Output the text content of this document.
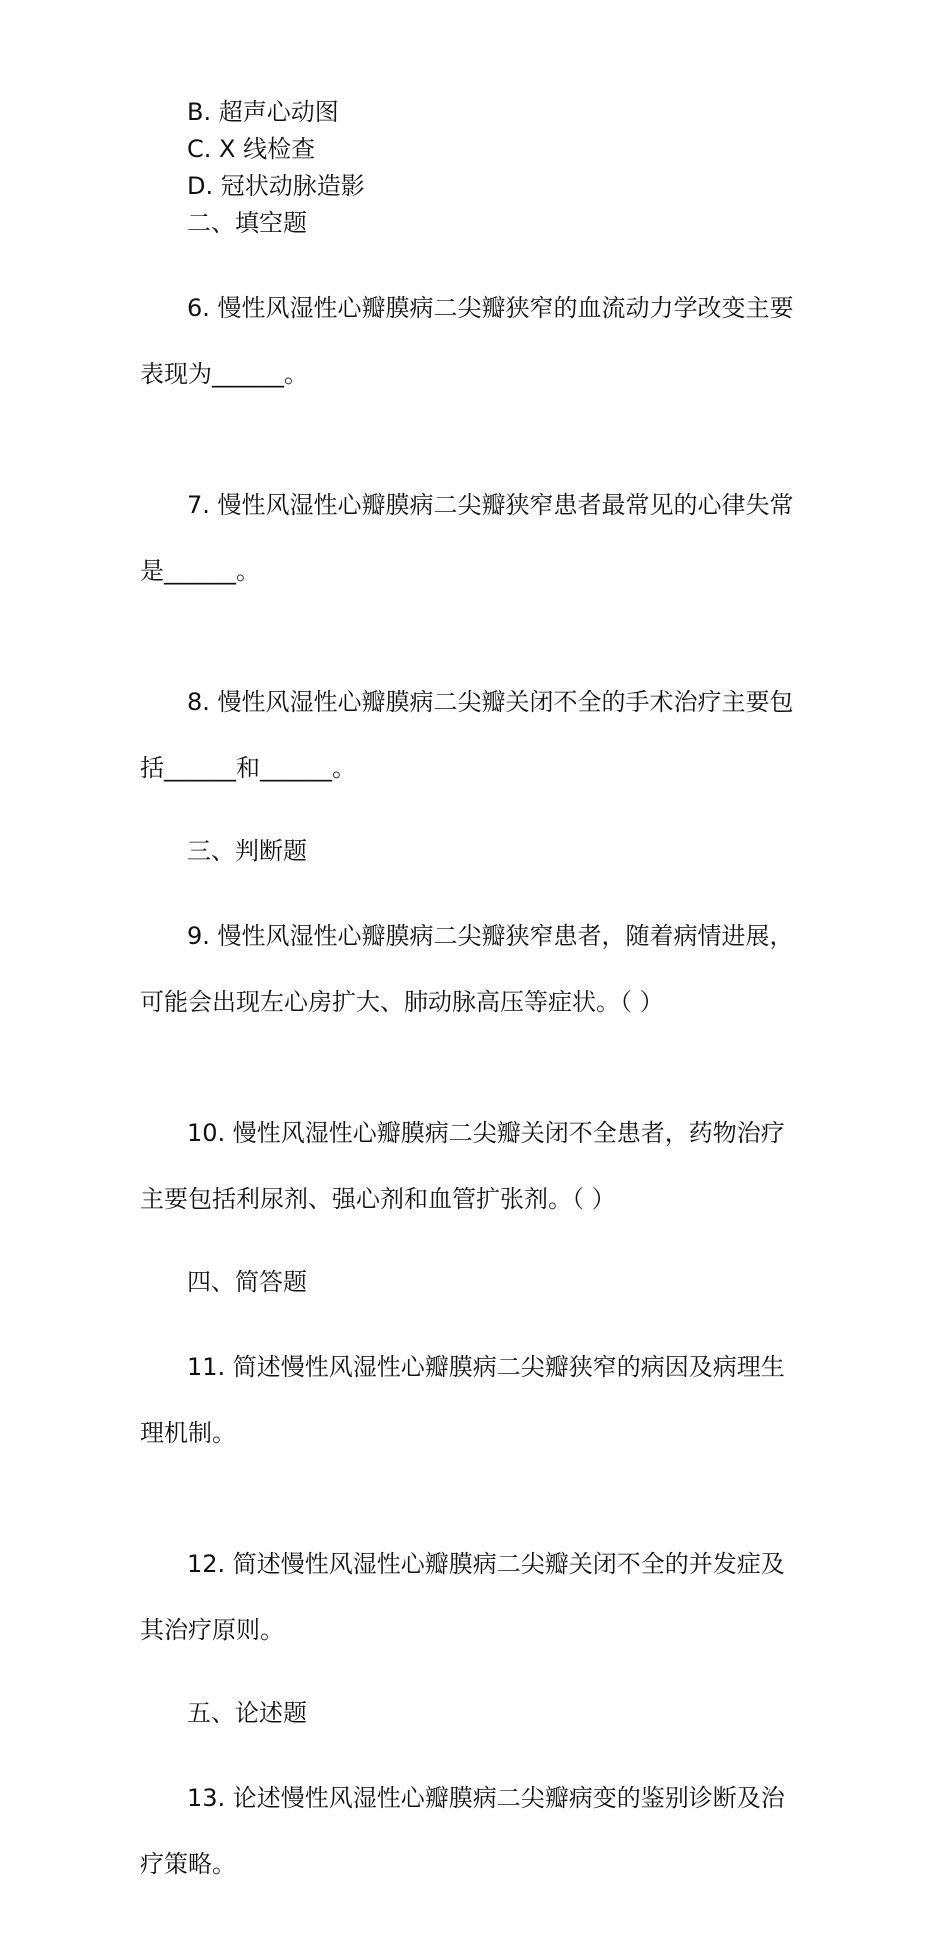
B. 超声心动图

C. X 线检查

D. 冠状动脉造影

二、填空题

6. 慢性风湿性心瓣膜病二尖瓣狭窄的血流动力学改变主要

表现为______。

7. 慢性风湿性心瓣膜病二尖瓣狭窄患者最常见的心律失常

是______。

8. 慢性风湿性心瓣膜病二尖瓣关闭不全的手术治疗主要包

括______和______。

三、判断题

9. 慢性风湿性心瓣膜病二尖瓣狭窄患者，随着病情进展，

可能会出现左心房扩大、肺动脉高压等症状。（ ）

10. 慢性风湿性心瓣膜病二尖瓣关闭不全患者，药物治疗

主要包括利尿剂、强心剂和血管扩张剂。（ ）

四、简答题

11. 简述慢性风湿性心瓣膜病二尖瓣狭窄的病因及病理生

理机制。

12. 简述慢性风湿性心瓣膜病二尖瓣关闭不全的并发症及

其治疗原则。

五、论述题

13. 论述慢性风湿性心瓣膜病二尖瓣病变的鉴别诊断及治

疗策略。
